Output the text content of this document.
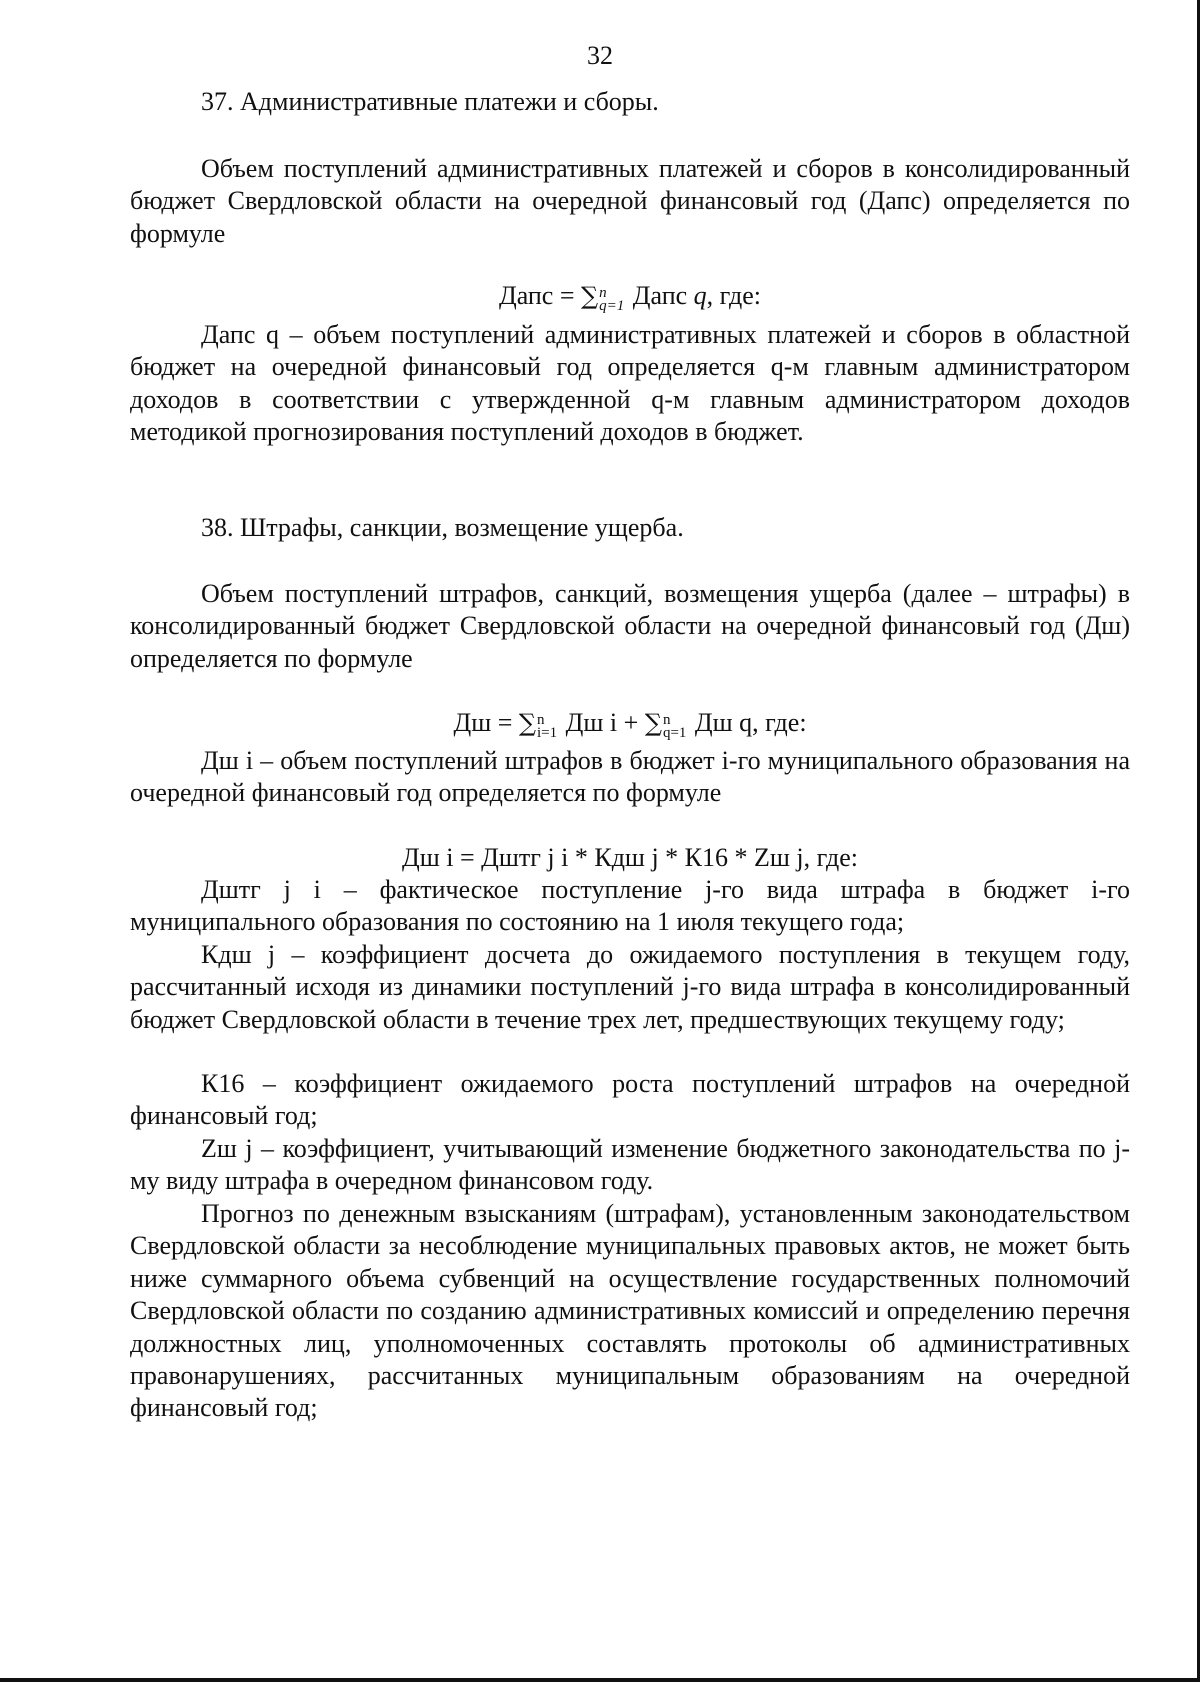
32

37. Административные платежи и сборы.

Объем поступлений административных платежей и сборов в консолидированный бюджет Свердловской области на очередной финансовый год (Дапс) определяется по формуле

Дапс = ∑ n
q=1 Дапс q, где:

Дапс q – объем поступлений административных платежей и сборов в областной бюджет на очередной финансовый год определяется q-м главным администратором доходов в соответствии с утвержденной q-м главным администратором доходов методикой прогнозирования поступлений доходов в бюджет.

38. Штрафы, санкции, возмещение ущерба.

Объем поступлений штрафов, санкций, возмещения ущерба (далее – штрафы) в консолидированный бюджет Свердловской области на очередной финансовый год (Дш) определяется по формуле

Дш = ∑ n
i=1 Дш i + ∑ n
q=1 Дш q, где:

Дш i – объем поступлений штрафов в бюджет i-го муниципального образования на очередной финансовый год определяется по формуле

Дш i = Дштг j i * Кдш j * К16 * Zш j, где:

Дштг j i – фактическое поступление j-го вида штрафа в бюджет i-го муниципального образования по состоянию на 1 июля текущего года;

Кдш j – коэффициент досчета до ожидаемого поступления в текущем году, рассчитанный исходя из динамики поступлений j-го вида штрафа в консолидированный бюджет Свердловской области в течение трех лет, предшествующих текущему году;

К16 – коэффициент ожидаемого роста поступлений штрафов на очередной финансовый год;

Zш j – коэффициент, учитывающий изменение бюджетного законодательства по j-му виду штрафа в очередном финансовом году.

Прогноз по денежным взысканиям (штрафам), установленным законодательством Свердловской области за несоблюдение муниципальных правовых актов, не может быть ниже суммарного объема субвенций на осуществление государственных полномочий Свердловской области по созданию административных комиссий и определению перечня должностных лиц, уполномоченных составлять протоколы об административных правонарушениях, рассчитанных муниципальным образованиям на очередной финансовый год;
